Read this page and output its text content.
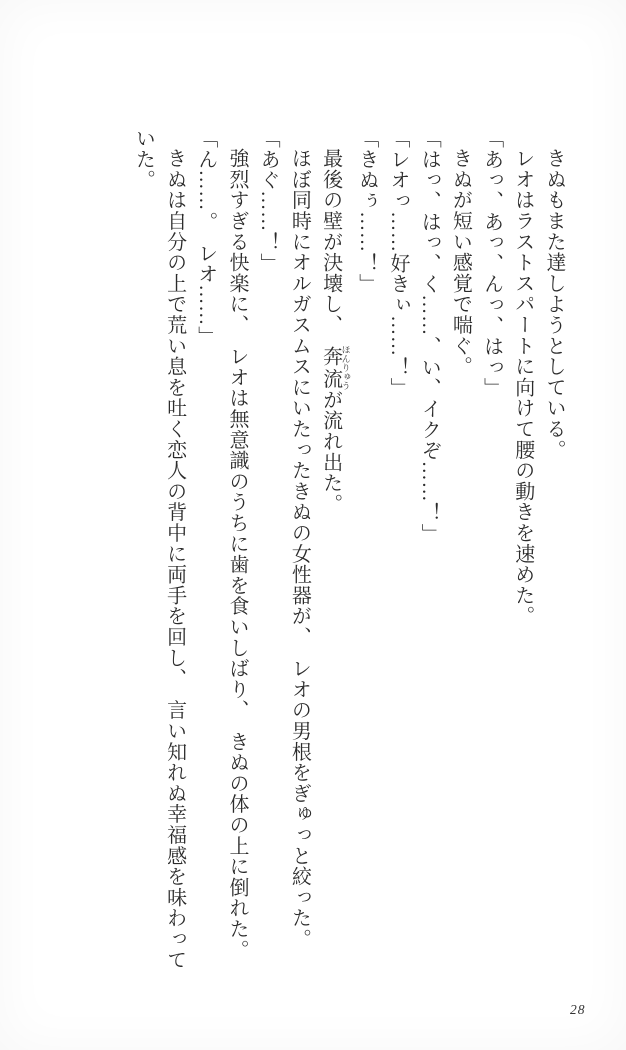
きぬもまた達しようとしている。

レオはラストスパートに向けて腰の動きを速めた。

「あっ、あっ、んっ、はっ」

きぬが短い感覚で喘ぐ。

「はっ、はっ、く……、い、イクぞ……！」

「レオっ……好きぃ……！」

「きぬぅ……！」

最後の壁が決壊し、　奔流 ほんりゅうが流れ出た。

ほぼ同時にオルガスムスにいたったきぬの女性器が、　レオの男根をぎゅっと絞った。

「あぐ……！」

強烈すぎる快楽に、　レオは無意識のうちに歯を食いしばり、　きぬの体の上に倒れた。

「ん……。　レオ……」

きぬは自分の上で荒い息を吐く恋人の背中に両手を回し、　言い知れぬ幸福感を味わっていた。

28
